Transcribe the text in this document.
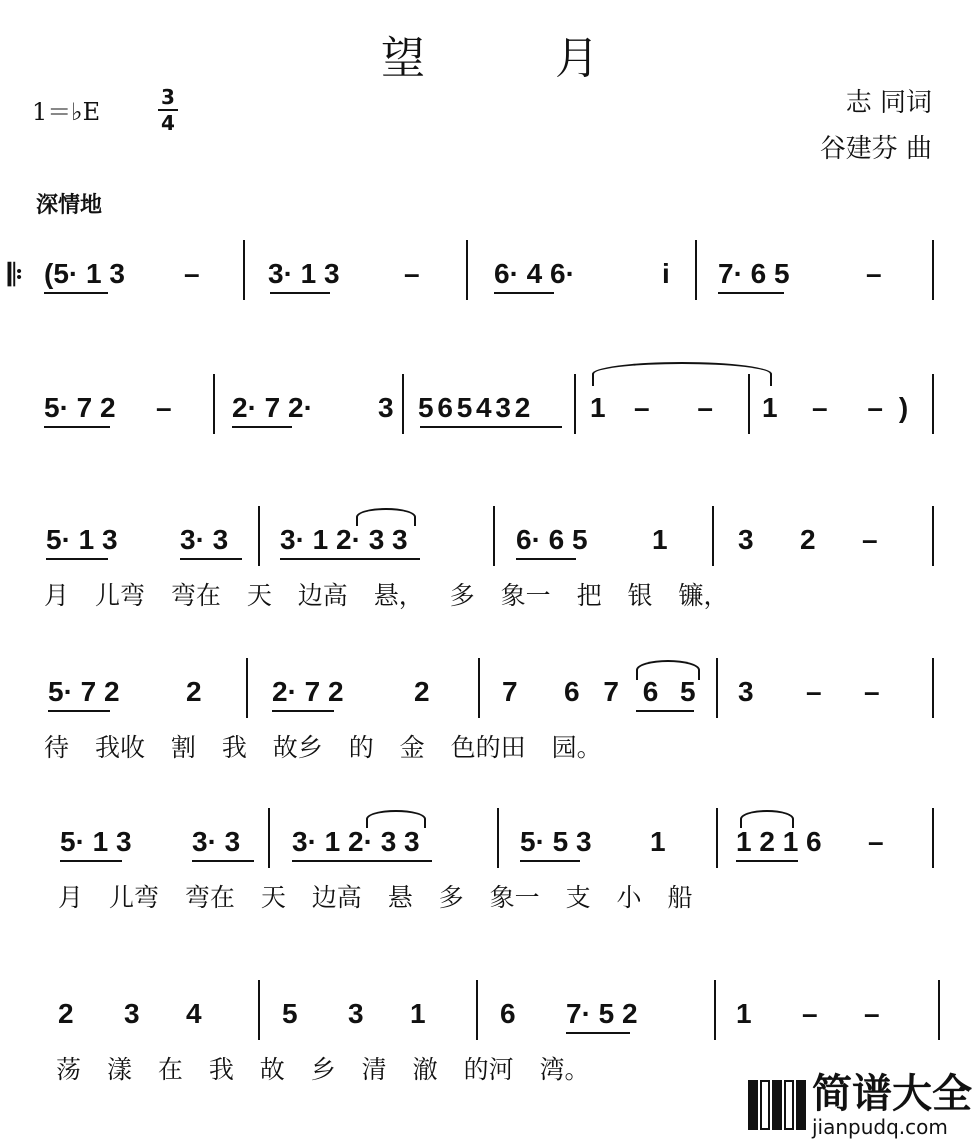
望 月
1＝♭E
3
4
志 同词
谷建芬 曲
深情地
𝄆 (5· 1 3 – 3· 1 3 –	6· 4 6·	i 7· 6 5	–
5· 7 2 – 2· 7 2· 3 5 6 5 4 3 2 1 – – 1 – –)
5· 1 3 3· 3 3· 1 2· 3 3	6· 6 5 1	3 2 –
月 儿弯 弯在 天 边高 悬， 多 象一 把 银 镰，
5· 7 2 2	2· 7 2	2	7 6 7 6 5 3 – –
待 我收 割 我 故乡 的 金 色的田 园。
5· 1 3 3· 3 3· 1 2· 3 3	5· 5 3 1	1 2 1 6 –
月 儿弯 弯在 天 边高 悬 多 象一 支 小 船
2 3 4	5 3 1	6 7· 5 2	1 – –
荡 漾 在 我 故 乡 清 澈 的河 湾。
简谱大全
jianpudq.com
